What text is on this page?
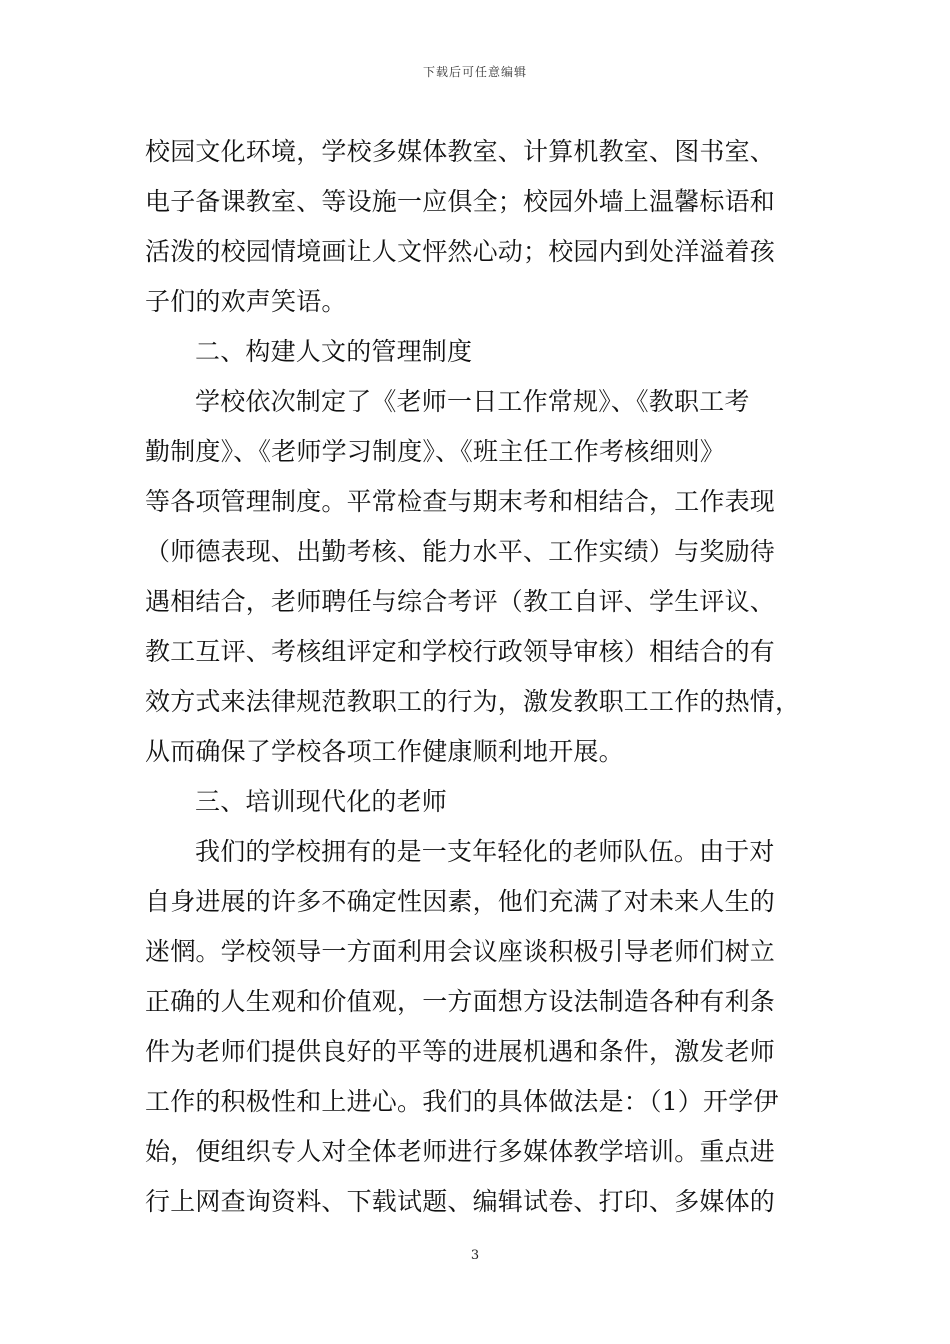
下载后可任意编辑
校园文化环境，学校多媒体教室、计算机教室、图书室、
电子备课教室、等设施一应俱全；校园外墙上温馨标语和
活泼的校园情境画让人文怦然心动；校园内到处洋溢着孩
子们的欢声笑语。
二、构建人文的管理制度
学校依次制定了《老师一日工作常规》、《教职工考
勤制度》、《老师学习制度》、《班主任工作考核细则》
等各项管理制度。平常检查与期末考和相结合，工作表现
（师德表现、出勤考核、能力水平、工作实绩）与奖励待
遇相结合，老师聘任与综合考评（教工自评、学生评议、
教工互评、考核组评定和学校行政领导审核）相结合的有
效方式来法律规范教职工的行为，激发教职工工作的热情，
从而确保了学校各项工作健康顺利地开展。
三、培训现代化的老师
我们的学校拥有的是一支年轻化的老师队伍。由于对
自身进展的许多不确定性因素，他们充满了对未来人生的
迷惘。学校领导一方面利用会议座谈积极引导老师们树立
正确的人生观和价值观，一方面想方设法制造各种有利条
件为老师们提供良好的平等的进展机遇和条件，激发老师
工作的积极性和上进心。我们的具体做法是：（1）开学伊
始，便组织专人对全体老师进行多媒体教学培训。重点进
行上网查询资料、下载试题、编辑试卷、打印、多媒体的
3
